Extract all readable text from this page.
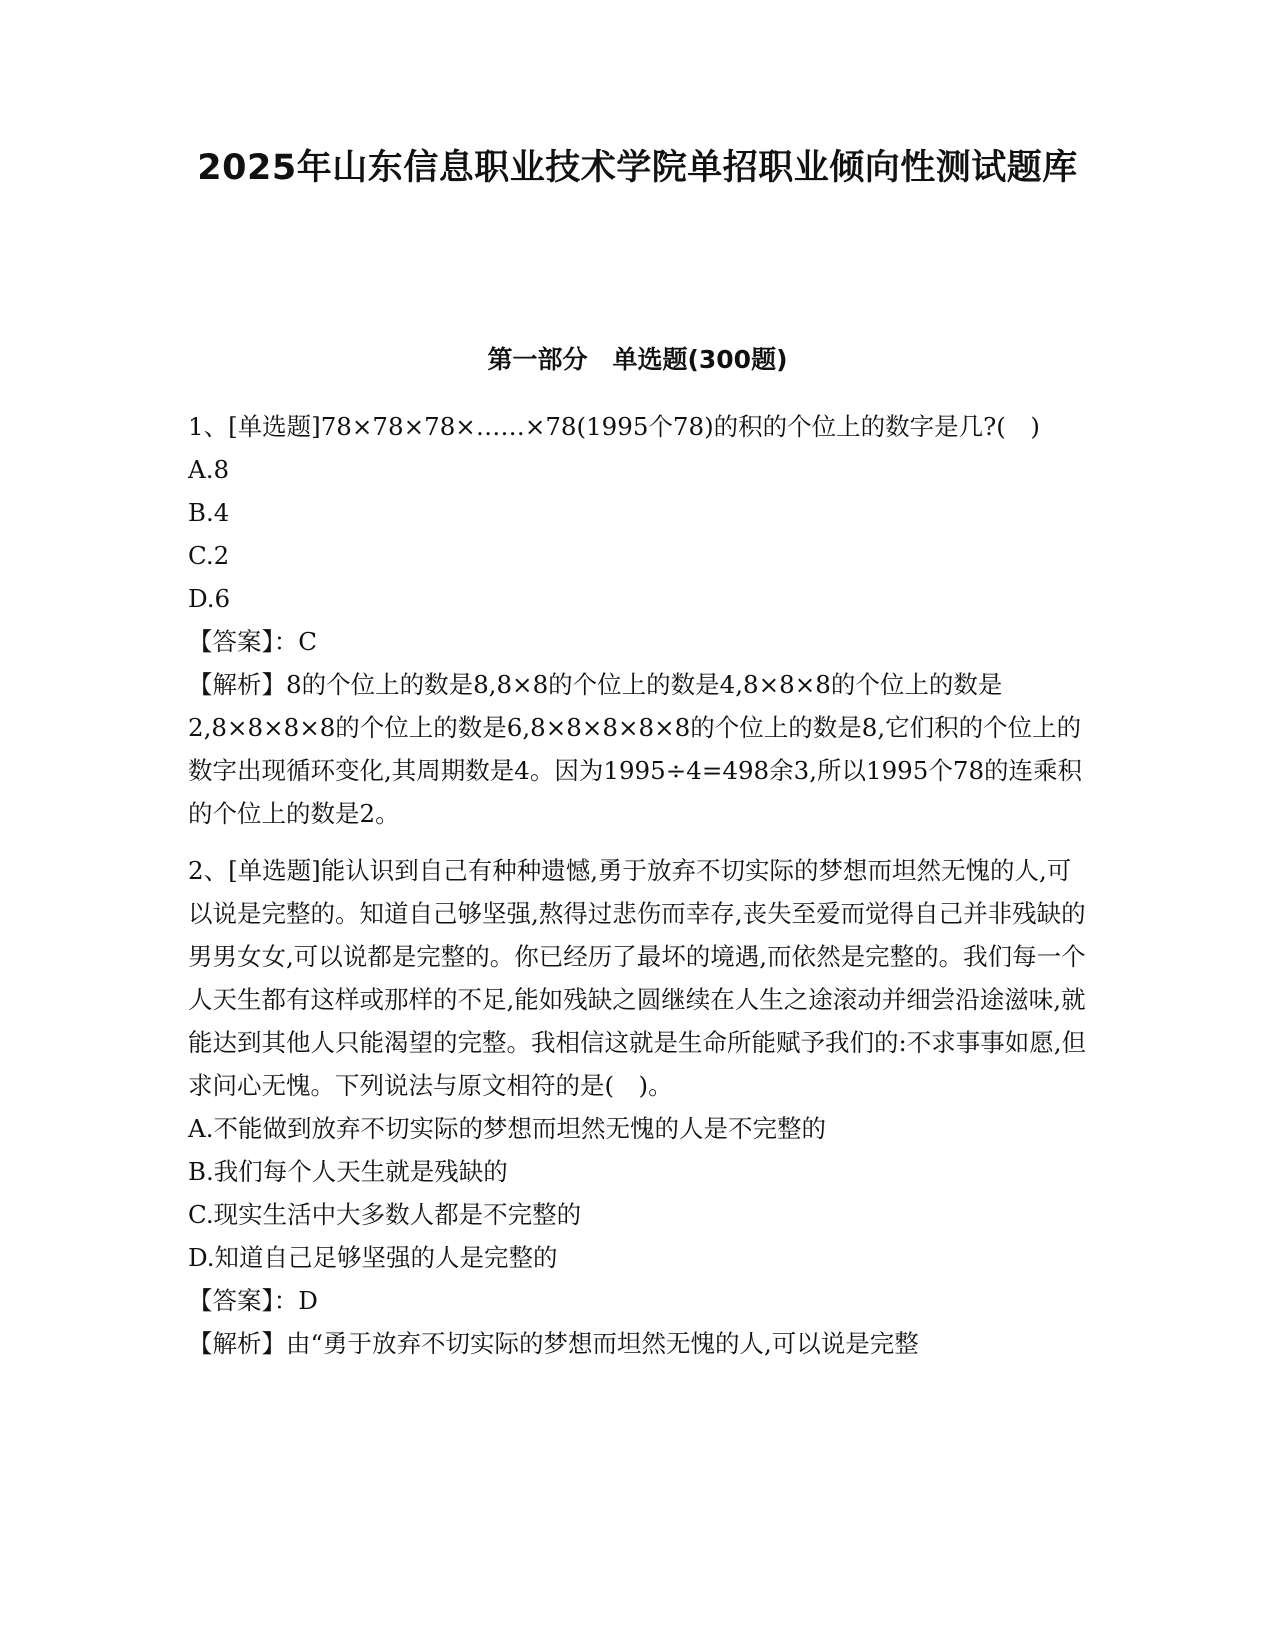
2025年山东信息职业技术学院单招职业倾向性测试题库
第一部分　单选题(300题)

1、[单选题]78×78×78×……×78(1995个78)的积的个位上的数字是几?(　)

A.8

B.4

C.2

D.6

【答案】：C

【解析】8的个位上的数是8,8×8的个位上的数是4,8×8×8的个位上的数是2,8×8×8×8的个位上的数是6,8×8×8×8×8的个位上的数是8,它们积的个位上的数字出现循环变化,其周期数是4。因为1995÷4=498余3,所以1995个78的连乘积的个位上的数是2。

2、[单选题]能认识到自己有种种遗憾,勇于放弃不切实际的梦想而坦然无愧的人,可以说是完整的。知道自己够坚强,熬得过悲伤而幸存,丧失至爱而觉得自己并非残缺的男男女女,可以说都是完整的。你已经历了最坏的境遇,而依然是完整的。我们每一个人天生都有这样或那样的不足,能如残缺之圆继续在人生之途滚动并细尝沿途滋味,就能达到其他人只能渴望的完整。我相信这就是生命所能赋予我们的:不求事事如愿,但求问心无愧。下列说法与原文相符的是(　)。

A.不能做到放弃不切实际的梦想而坦然无愧的人是不完整的

B.我们每个人天生就是残缺的

C.现实生活中大多数人都是不完整的

D.知道自己足够坚强的人是完整的

【答案】：D

【解析】由“勇于放弃不切实际的梦想而坦然无愧的人,可以说是完整
